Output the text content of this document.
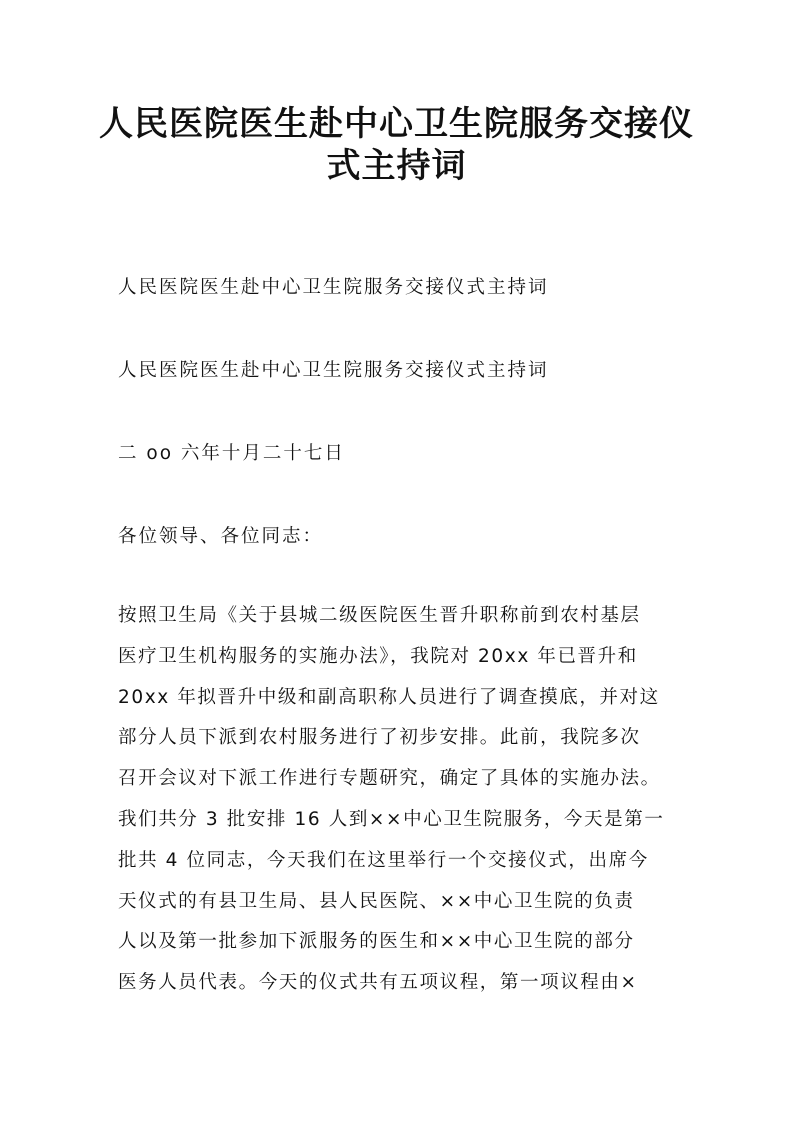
人民医院医生赴中心卫生院服务交接仪
式主持词

人民医院医生赴中心卫生院服务交接仪式主持词

人民医院医生赴中心卫生院服务交接仪式主持词

二 oo 六年十月二十七日

各位领导、各位同志：

按照卫生局《关于县城二级医院医生晋升职称前到农村基层
医疗卫生机构服务的实施办法》，我院对 20xx 年已晋升和
20xx 年拟晋升中级和副高职称人员进行了调查摸底，并对这
部分人员下派到农村服务进行了初步安排。此前，我院多次
召开会议对下派工作进行专题研究，确定了具体的实施办法。
我们共分 3 批安排 16 人到××中心卫生院服务，今天是第一
批共 4 位同志，今天我们在这里举行一个交接仪式，出席今
天仪式的有县卫生局、县人民医院、××中心卫生院的负责
人以及第一批参加下派服务的医生和××中心卫生院的部分
医务人员代表。今天的仪式共有五项议程，第一项议程由×
